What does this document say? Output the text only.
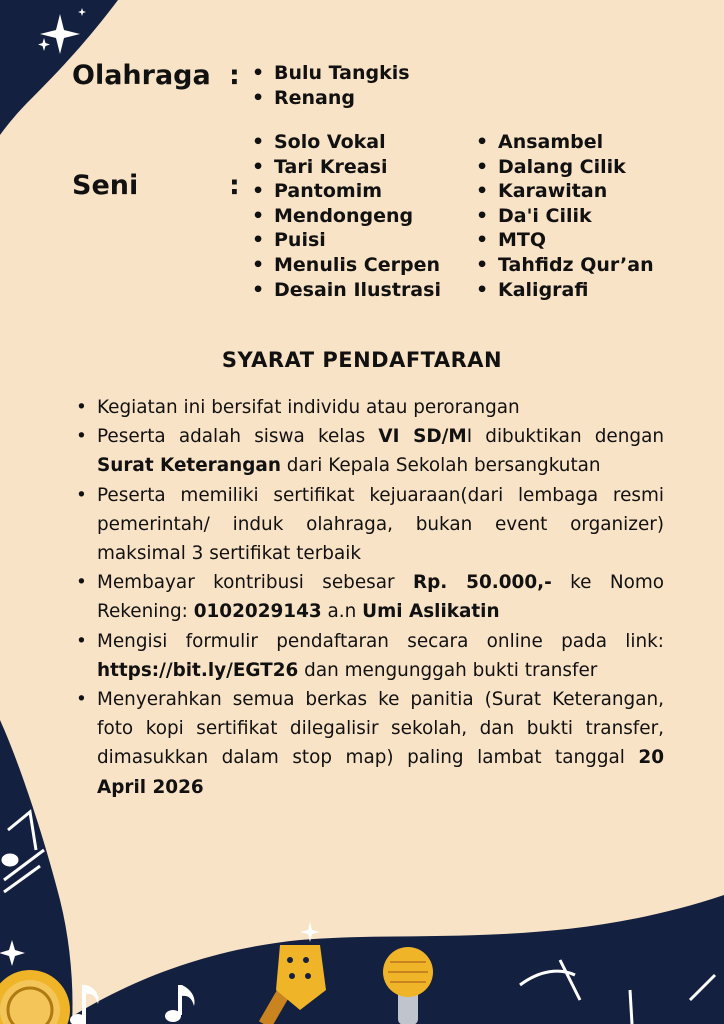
Olahraga :
•	Bulu Tangkis
• Renang
Seni	:
• Solo Vokal
• Tari Kreasi
• Pantomim
• Mendongeng
• Puisi
• Menulis Cerpen
• Desain Ilustrasi
• Ansambel
• Dalang Cilik
• Karawitan
• Da'i Cilik
• MTQ
• Tahfidz Qur’an
• Kaligrafi
SYARAT PENDAFTARAN
• Kegiatan ini bersifat individu atau perorangan
• Peserta adalah siswa kelas VI SD/MI dibuktikan dengan Surat Keterangan dari Kepala Sekolah bersangkutan
• Peserta memiliki sertifikat kejuaraan(dari lembaga resmi pemerintah/ induk olahraga, bukan event organizer) maksimal 3 sertifikat terbaik
• Membayar kontribusi sebesar Rp. 50.000,- ke Nomo Rekening: 0102029143 a.n Umi Aslikatin
• Mengisi formulir pendaftaran secara online pada link: https://bit.ly/EGT26 dan mengunggah bukti transfer
• Menyerahkan semua berkas ke panitia (Surat Keterangan, foto kopi sertifikat dilegalisir sekolah, dan bukti transfer, dimasukkan dalam stop map) paling lambat tanggal 20 April 2026
